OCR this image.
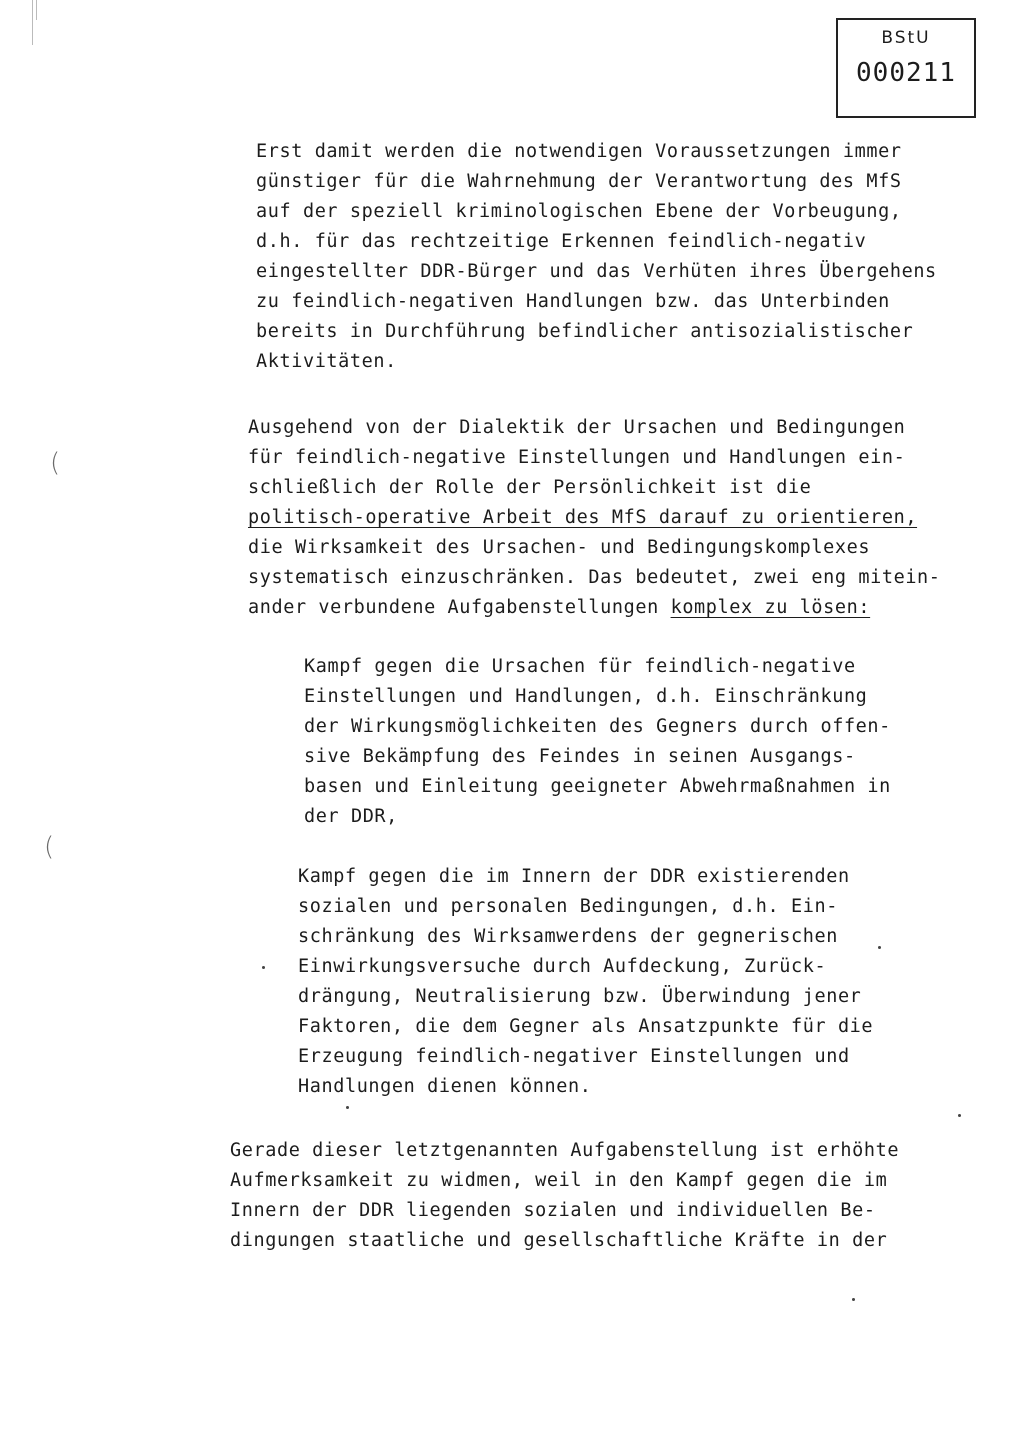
BStU
000211
(
(
Erst damit werden die notwendigen Voraussetzungen immer
günstiger für die Wahrnehmung der Verantwortung des MfS
auf der speziell kriminologischen Ebene der Vorbeugung,
d.h. für das rechtzeitige Erkennen feindlich-negativ
eingestellter DDR-Bürger und das Verhüten ihres Übergehens
zu feindlich-negativen Handlungen bzw. das Unterbinden
bereits in Durchführung befindlicher antisozialistischer
Aktivitäten.
Ausgehend von der Dialektik der Ursachen und Bedingungen
für feindlich-negative Einstellungen und Handlungen ein-
schließlich der Rolle der Persönlichkeit ist die
politisch-operative Arbeit des MfS darauf zu orientieren,
die Wirksamkeit des Ursachen- und Bedingungskomplexes
systematisch einzuschränken. Das bedeutet, zwei eng mitein-
ander verbundene Aufgabenstellungen komplex zu lösen:
Kampf gegen die Ursachen für feindlich-negative
Einstellungen und Handlungen, d.h. Einschränkung
der Wirkungsmöglichkeiten des Gegners durch offen-
sive Bekämpfung des Feindes in seinen Ausgangs-
basen und Einleitung geeigneter Abwehrmaßnahmen in
der DDR,
Kampf gegen die im Innern der DDR existierenden
sozialen und personalen Bedingungen, d.h. Ein-
schränkung des Wirksamwerdens der gegnerischen
Einwirkungsversuche durch Aufdeckung, Zurück-
drängung, Neutralisierung bzw. Überwindung jener
Faktoren, die dem Gegner als Ansatzpunkte für die
Erzeugung feindlich-negativer Einstellungen und
Handlungen dienen können.
Gerade dieser letztgenannten Aufgabenstellung ist erhöhte
Aufmerksamkeit zu widmen, weil in den Kampf gegen die im
Innern der DDR liegenden sozialen und individuellen Be-
dingungen staatliche und gesellschaftliche Kräfte in der
